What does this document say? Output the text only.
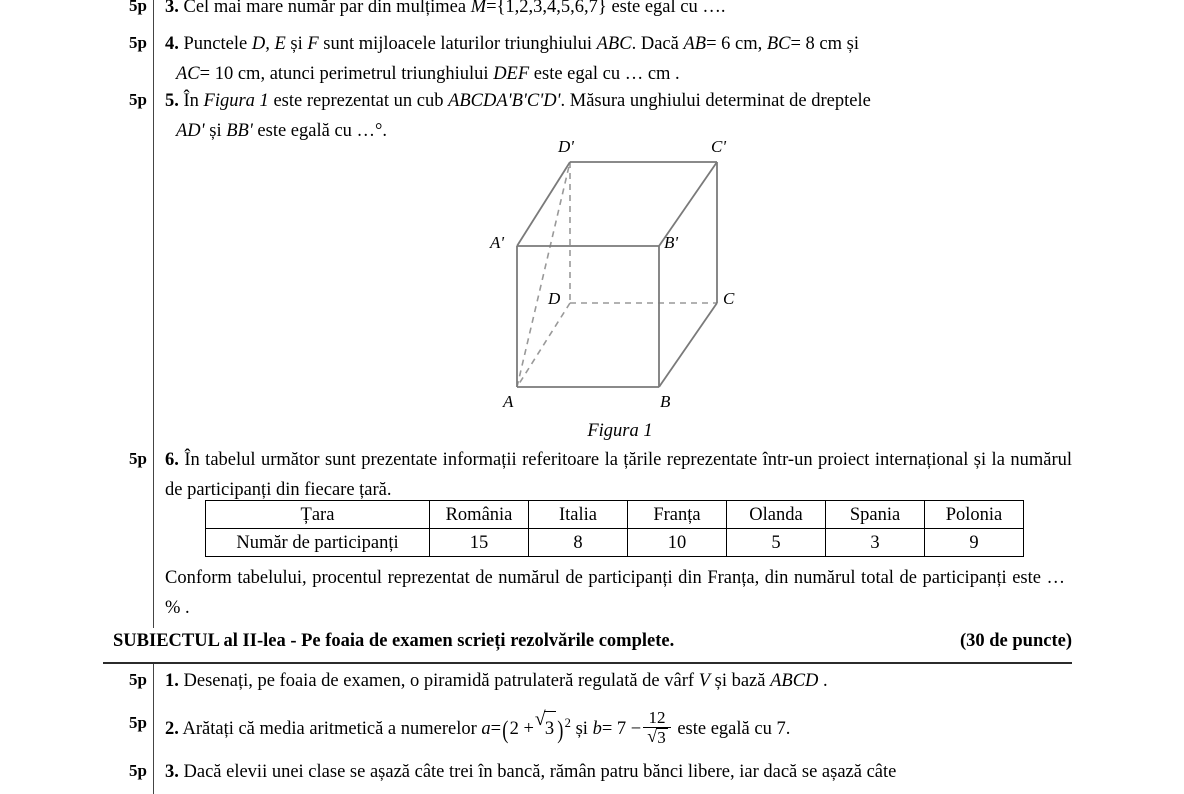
5p 3. Cel mai mare număr par din mulțimea M={1,2,3,4,5,6,7} este egal cu ….
5p 4. Punctele D, E și F sunt mijloacele laturilor triunghiului ABC. Dacă AB= 6 cm, BC= 8 cm și
AC= 10 cm, atunci perimetrul triunghiului DEF este egal cu … cm .
5p 5. În Figura 1 este reprezentat un cub ABCDA'B'C'D'. Măsura unghiului determinat de dreptele
AD' și BB' este egală cu …°.
D'	C'
A'	B'
D	C
A	B
Figura 1
5p 6. În tabelul următor sunt prezentate informații referitoare la țările reprezentate într-un proiect internațional și la numărul de participanți din fiecare țară.
Țara	România	Italia	Franța	Olanda	Spania	Polonia
Număr de participanți	15	8	10	5	3	9
Conform tabelului, procentul reprezentat de numărul de participanți din Franța, din numărul total de participanți este …% .
SUBIECTUL al II-lea - Pe foaia de examen scrieți rezolvările complete.	(30 de puncte)
5p 1. Desenați, pe foaia de examen, o piramidă patrulateră regulată de vârf V și bază ABCD .
5p 2. Arătați că media aritmetică a numerelor a=(2 + √ 3 )$^2$ și $b= 7 - \frac{12}{√ 3}$ este egală cu 7.
5p 3. Dacă elevii unei clase se așază câte trei în bancă, rămân patru bănci libere, iar dacă se așază câte
